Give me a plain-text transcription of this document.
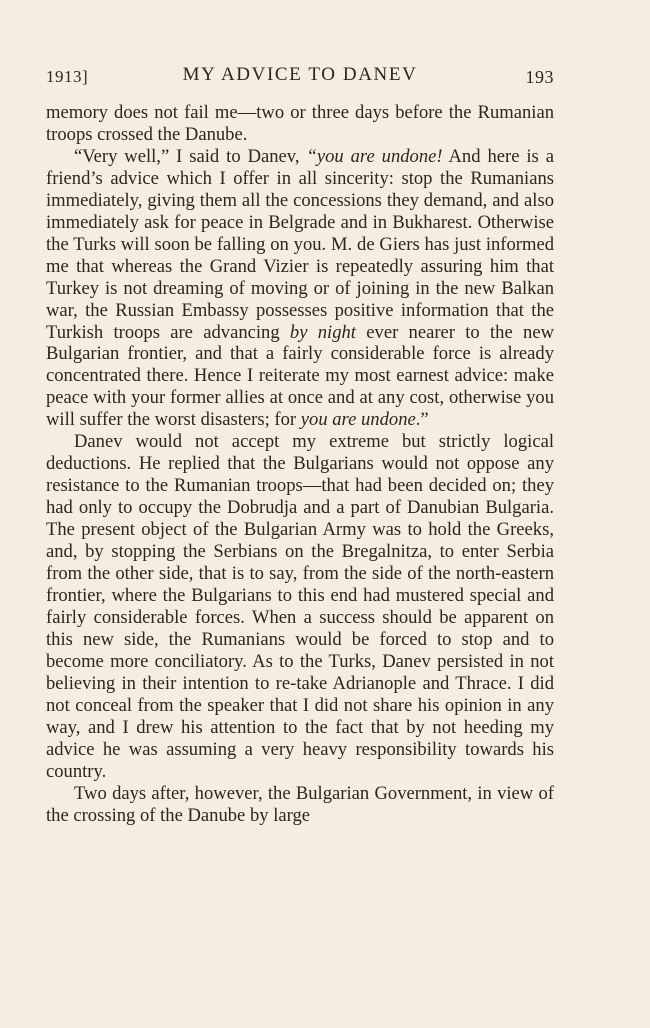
1913]	MY ADVICE TO DANEV	193

memory does not fail me—two or three days before the Rumanian troops crossed the Danube.

“Very well,” I said to Danev, “you are undone! And here is a friend’s advice which I offer in all sincerity: stop the Rumanians immediately, giving them all the concessions they demand, and also immediately ask for peace in Belgrade and in Bukharest. Otherwise the Turks will soon be falling on you. M. de Giers has just informed me that whereas the Grand Vizier is repeatedly assuring him that Turkey is not dreaming of moving or of joining in the new Balkan war, the Russian Embassy possesses positive information that the Turkish troops are advancing by night ever nearer to the new Bulgarian frontier, and that a fairly considerable force is already concentrated there. Hence I reiterate my most earnest advice: make peace with your former allies at once and at any cost, otherwise you will suffer the worst disasters; for you are undone.”

Danev would not accept my extreme but strictly logical deductions. He replied that the Bulgarians would not oppose any resistance to the Rumanian troops—that had been decided on; they had only to occupy the Dobrudja and a part of Danubian Bulgaria. The present object of the Bulgarian Army was to hold the Greeks, and, by stopping the Serbians on the Bregalnitza, to enter Serbia from the other side, that is to say, from the side of the north-eastern frontier, where the Bulgarians to this end had mustered special and fairly considerable forces. When a success should be apparent on this new side, the Rumanians would be forced to stop and to become more conciliatory. As to the Turks, Danev persisted in not believing in their intention to re-take Adrianople and Thrace. I did not conceal from the speaker that I did not share his opinion in any way, and I drew his attention to the fact that by not heeding my advice he was assuming a very heavy responsibility towards his country.

Two days after, however, the Bulgarian Government, in view of the crossing of the Danube by large
